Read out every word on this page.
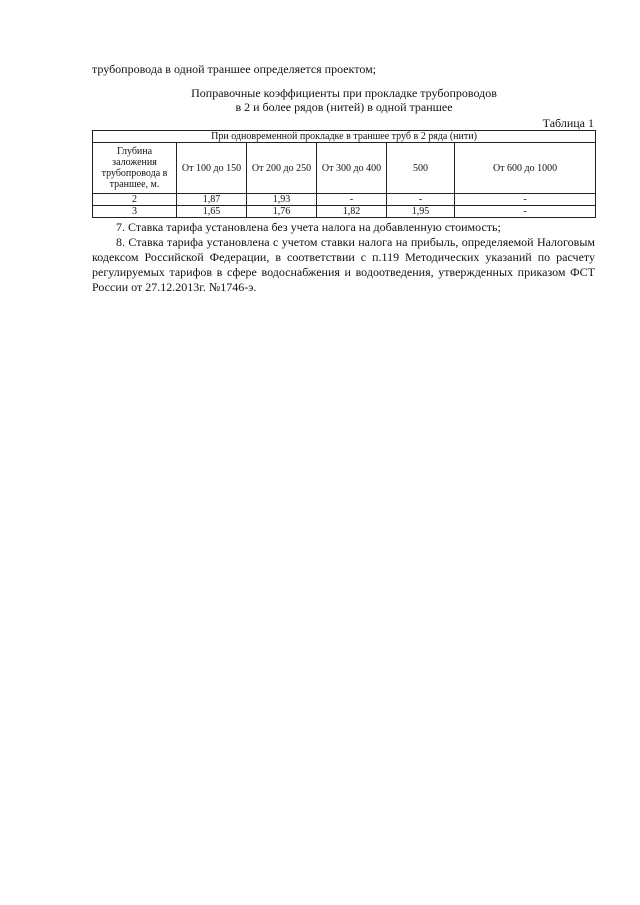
трубопровода в одной траншее определяется проектом;
Поправочные коэффициенты при прокладке трубопроводов
в 2 и более рядов (нитей) в одной траншее
Таблица 1
При одновременной прокладке в траншее труб в 2 ряда (нити)					
Глубина заложения трубопровода в траншее, м.	От 100 до 150	От 200 до 250	От 300 до 400	500	От 600 до 1000
2	1,87	1,93	-	-	-
3	1,65	1,76	1,82	1,95	-
7. Ставка тарифа установлена без учета налога на добавленную стоимость;
8. Ставка тарифа установлена с учетом ставки налога на прибыль, определяемой Налоговым кодексом Российской Федерации, в соответствии с п.119 Методических указаний по расчету регулируемых тарифов в сфере водоснабжения и водоотведения, утвержденных приказом ФСТ России от 27.12.2013г. №1746-э.
